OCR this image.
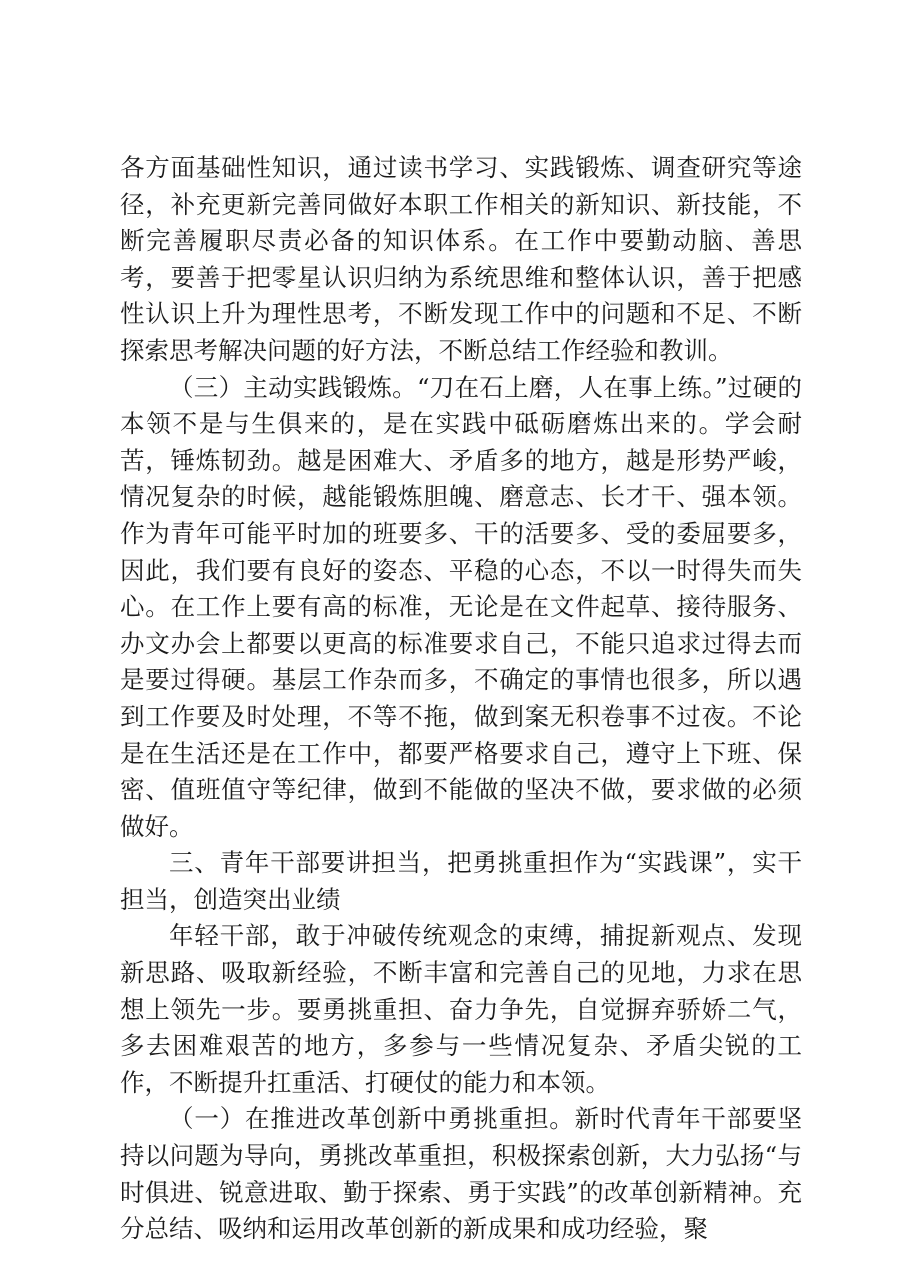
各方面基础性知识，通过读书学习、实践锻炼、调查研究等途径，补充更新完善同做好本职工作相关的新知识、新技能，不断完善履职尽责必备的知识体系。在工作中要勤动脑、善思考，要善于把零星认识归纳为系统思维和整体认识，善于把感性认识上升为理性思考，不断发现工作中的问题和不足、不断探索思考解决问题的好方法，不断总结工作经验和教训。

（三）主动实践锻炼。“刀在石上磨，人在事上练。”过硬的本领不是与生俱来的，是在实践中砥砺磨炼出来的。学会耐苦，锤炼韧劲。越是困难大、矛盾多的地方，越是形势严峻，情况复杂的时候，越能锻炼胆魄、磨意志、长才干、强本领。作为青年可能平时加的班要多、干的活要多、受的委屈要多，因此，我们要有良好的姿态、平稳的心态，不以一时得失而失心。在工作上要有高的标准，无论是在文件起草、接待服务、办文办会上都要以更高的标准要求自己，不能只追求过得去而是要过得硬。基层工作杂而多，不确定的事情也很多，所以遇到工作要及时处理，不等不拖，做到案无积卷事不过夜。不论是在生活还是在工作中，都要严格要求自己，遵守上下班、保密、值班值守等纪律，做到不能做的坚决不做，要求做的必须做好。

三、青年干部要讲担当，把勇挑重担作为“实践课”，实干担当，创造突出业绩

年轻干部，敢于冲破传统观念的束缚，捕捉新观点、发现新思路、吸取新经验，不断丰富和完善自己的见地，力求在思想上领先一步。要勇挑重担、奋力争先，自觉摒弃骄娇二气，多去困难艰苦的地方，多参与一些情况复杂、矛盾尖锐的工作，不断提升扛重活、打硬仗的能力和本领。

（一）在推进改革创新中勇挑重担。新时代青年干部要坚持以问题为导向，勇挑改革重担，积极探索创新，大力弘扬“与时俱进、锐意进取、勤于探索、勇于实践”的改革创新精神。充分总结、吸纳和运用改革创新的新成果和成功经验，聚
